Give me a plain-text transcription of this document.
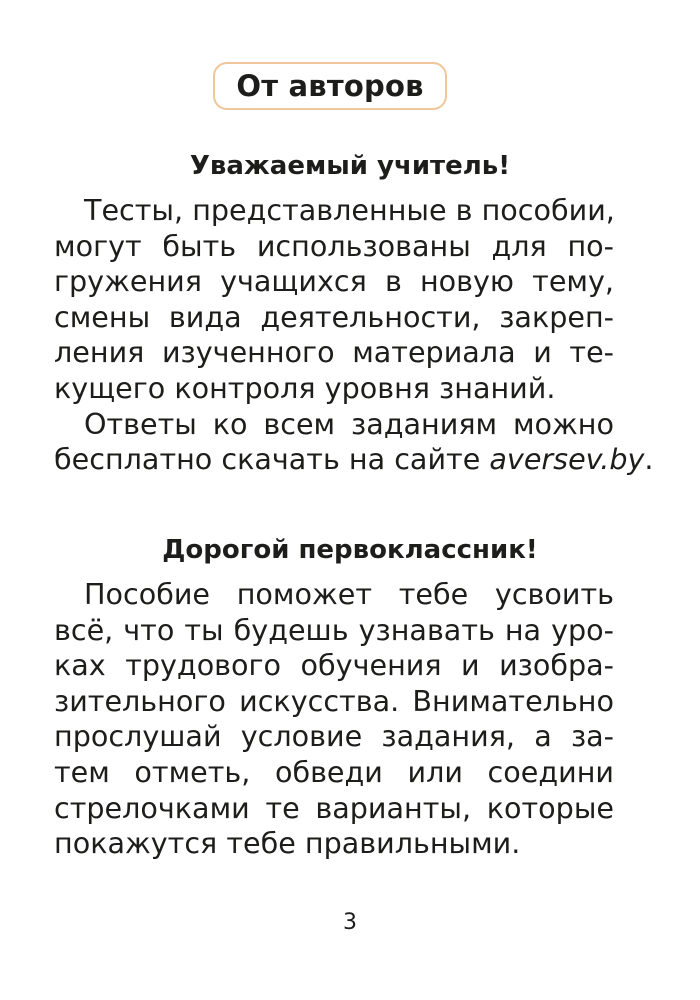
От авторов
Уважаемый учитель!
Тесты, представленные в пособии,
могут быть использованы для по-
гружения учащихся в новую тему,
смены вида деятельности, закреп-
ления изученного материала и те-
кущего контроля уровня знаний.
Ответы ко всем заданиям можно
бесплатно скачать на сайте aversev.by.
Дорогой первоклассник!
Пособие поможет тебе усвоить
всё, что ты будешь узнавать на уро-
ках трудового обучения и изобра-
зительного искусства. Внимательно
прослушай условие задания, а за-
тем отметь, обведи или соедини
стрелочками те варианты, которые
покажутся тебе правильными.
3
